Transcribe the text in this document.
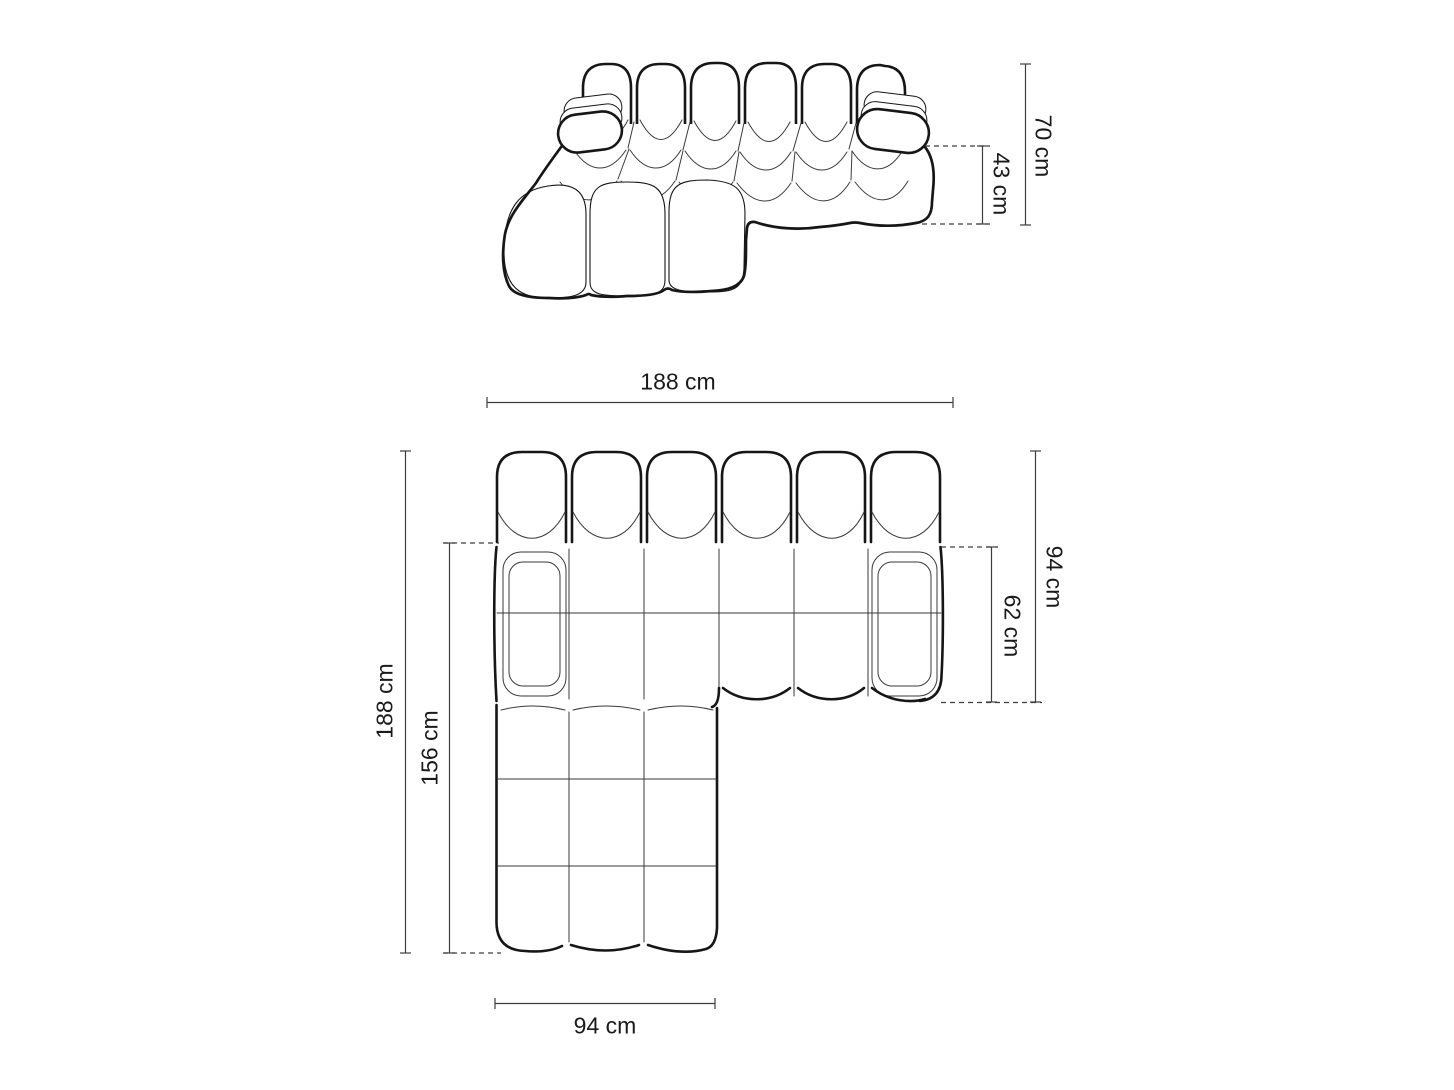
70 cm
43 cm
188 cm
94 cm
62 cm
188 cm
156 cm
94 cm
